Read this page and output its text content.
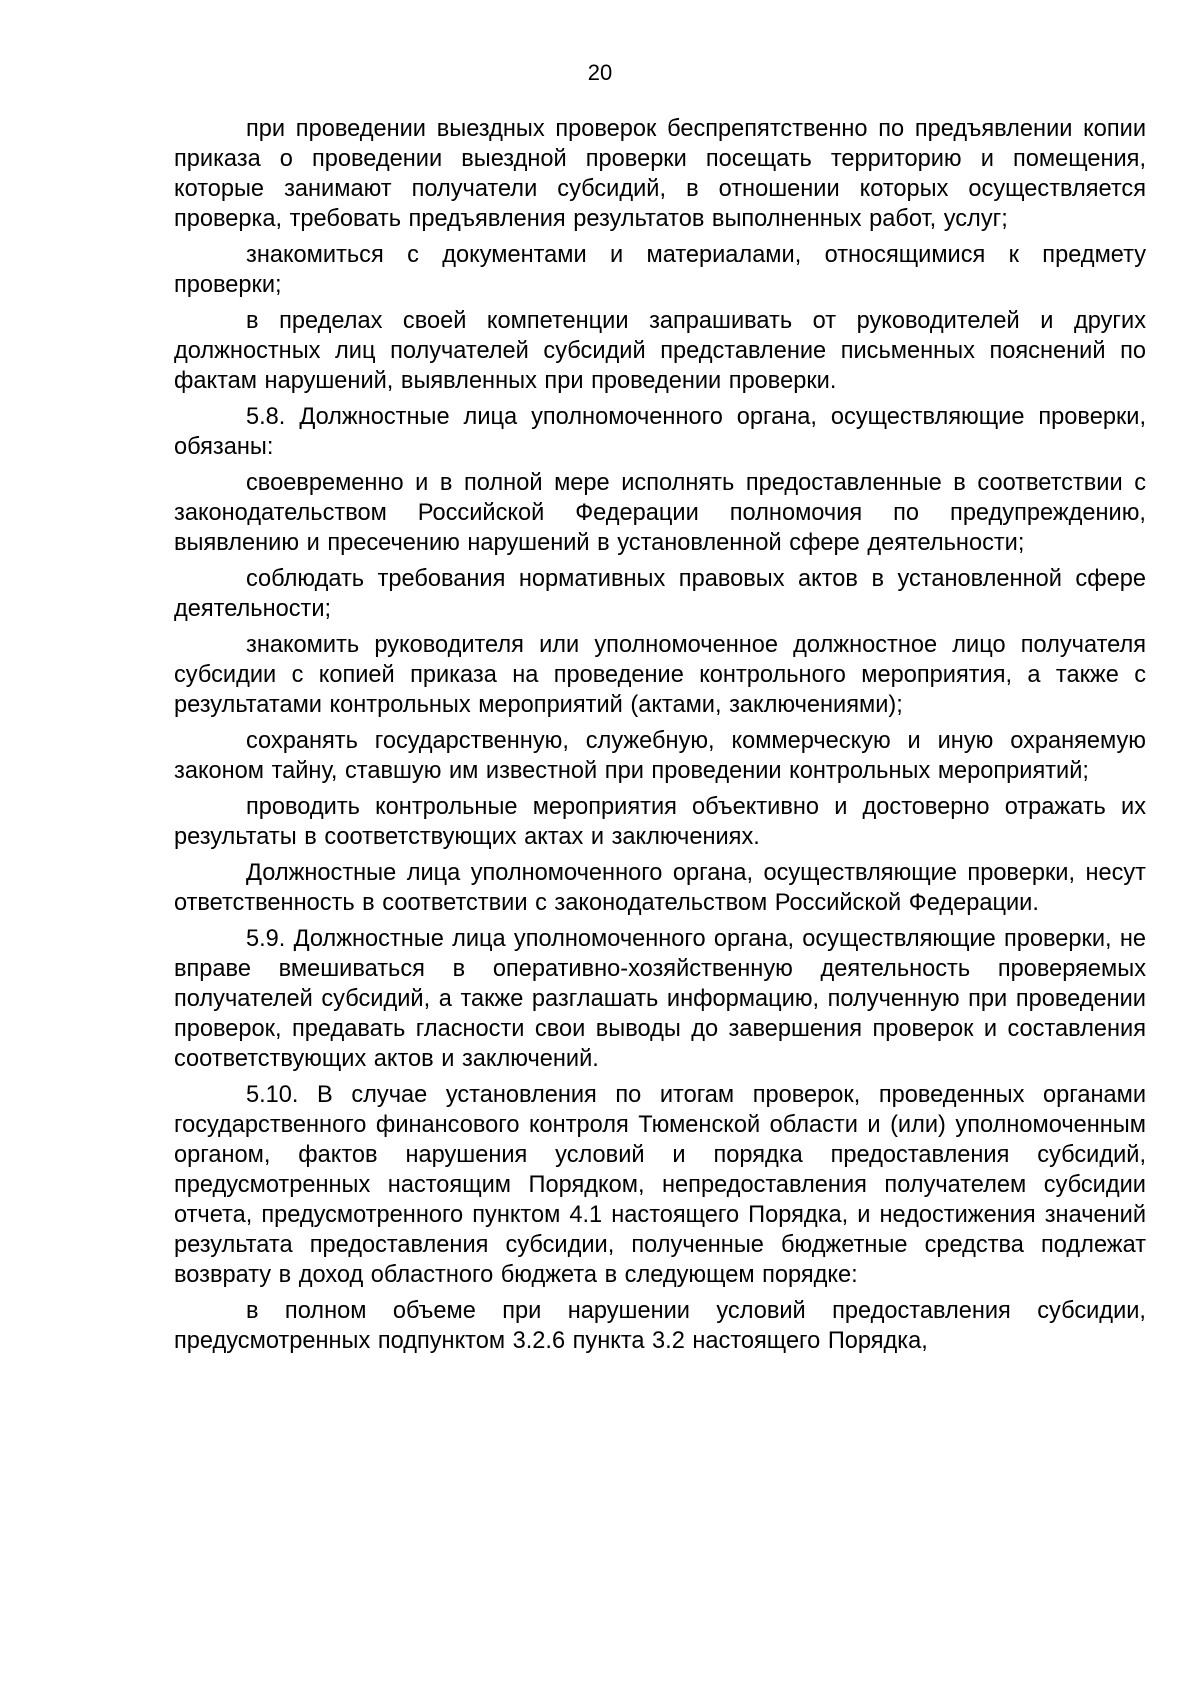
20

при проведении выездных проверок беспрепятственно по предъявлении копии приказа о проведении выездной проверки посещать территорию и помещения, которые занимают получатели субсидий, в отношении которых осуществляется проверка, требовать предъявления результатов выполненных работ, услуг;

знакомиться с документами и материалами, относящимися к предмету проверки;

в пределах своей компетенции запрашивать от руководителей и других должностных лиц получателей субсидий представление письменных пояснений по фактам нарушений, выявленных при проведении проверки.

5.8. Должностные лица уполномоченного органа, осуществляющие проверки, обязаны:

своевременно и в полной мере исполнять предоставленные в соответствии с законодательством Российской Федерации полномочия по предупреждению, выявлению и пресечению нарушений в установленной сфере деятельности;

соблюдать требования нормативных правовых актов в установленной сфере деятельности;

знакомить руководителя или уполномоченное должностное лицо получателя субсидии с копией приказа на проведение контрольного мероприятия, а также с результатами контрольных мероприятий (актами, заключениями);

сохранять государственную, служебную, коммерческую и иную охраняемую законом тайну, ставшую им известной при проведении контрольных мероприятий;

проводить контрольные мероприятия объективно и достоверно отражать их результаты в соответствующих актах и заключениях.

Должностные лица уполномоченного органа, осуществляющие проверки, несут ответственность в соответствии с законодательством Российской Федерации.

5.9. Должностные лица уполномоченного органа, осуществляющие проверки, не вправе вмешиваться в оперативно-хозяйственную деятельность проверяемых получателей субсидий, а также разглашать информацию, полученную при проведении проверок, предавать гласности свои выводы до завершения проверок и составления соответствующих актов и заключений.

5.10. В случае установления по итогам проверок, проведенных органами государственного финансового контроля Тюменской области и (или) уполномоченным органом, фактов нарушения условий и порядка предоставления субсидий, предусмотренных настоящим Порядком, непредоставления получателем субсидии отчета, предусмотренного пунктом 4.1 настоящего Порядка, и недостижения значений результата предоставления субсидии, полученные бюджетные средства подлежат возврату в доход областного бюджета в следующем порядке:

в полном объеме при нарушении условий предоставления субсидии, предусмотренных подпунктом 3.2.6 пункта 3.2 настоящего Порядка,
